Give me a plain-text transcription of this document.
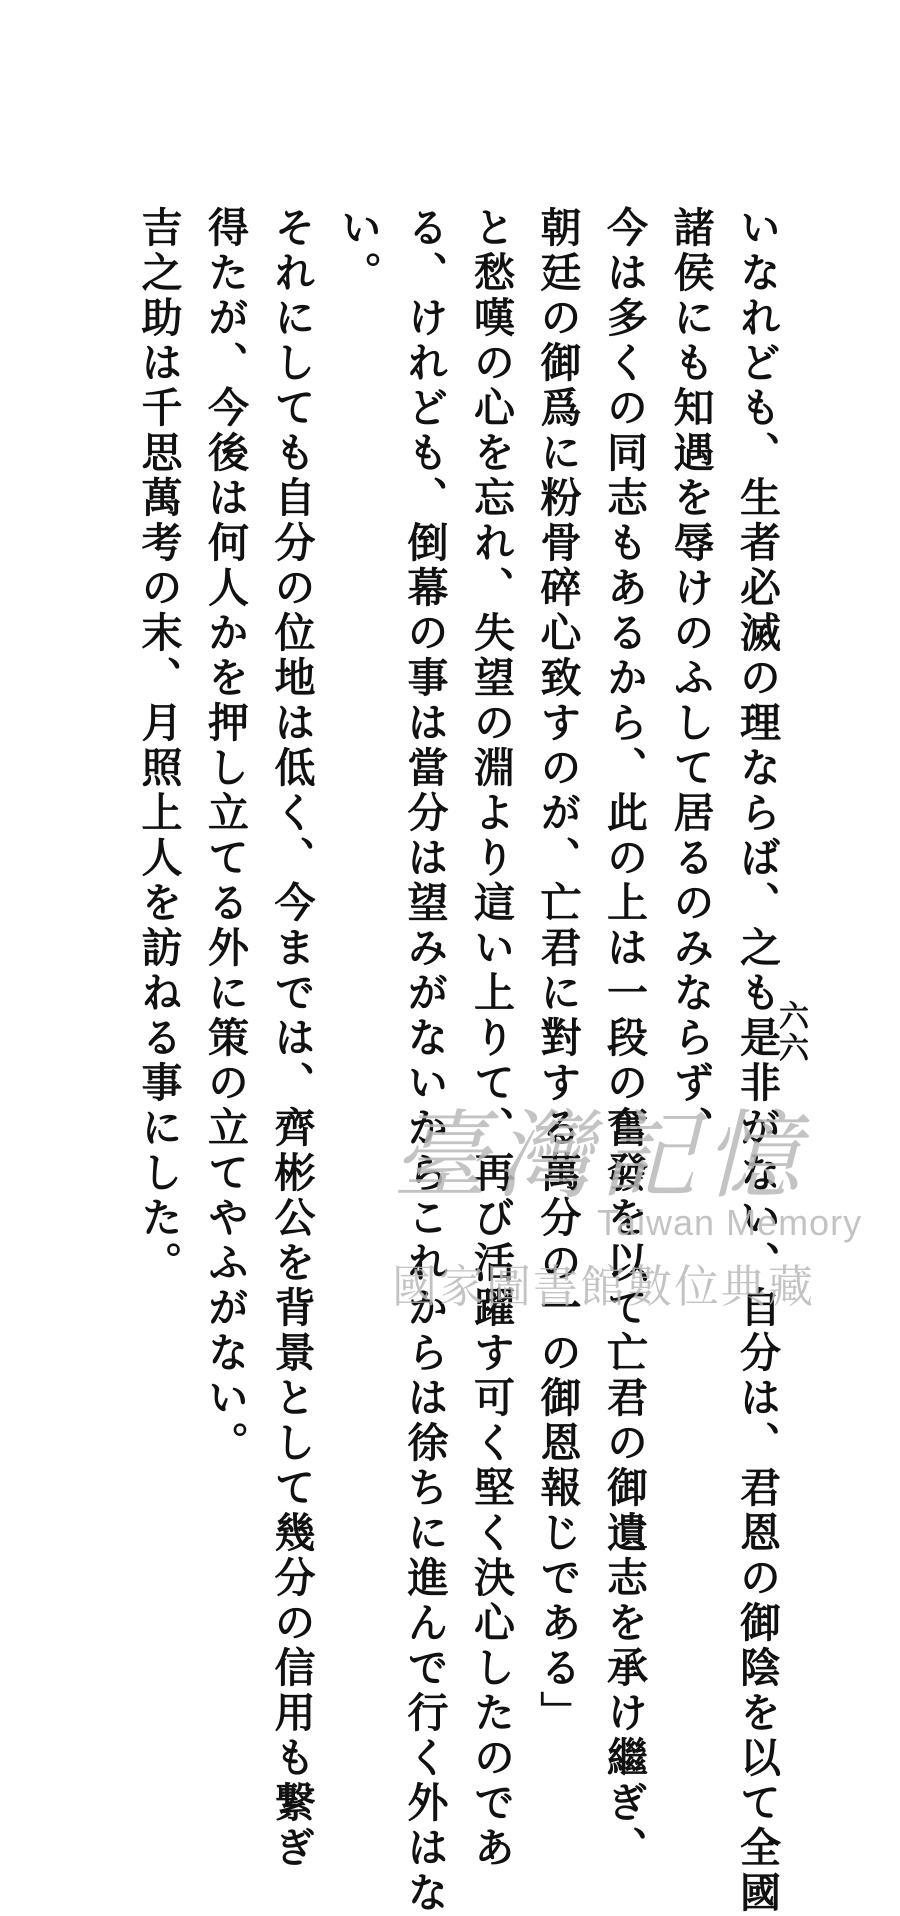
六六
いなれども、生者必滅の理ならば、之も是非がない、自分は、君恩の御陰を以て全國
諸侯にも知遇を辱けのふして居るのみならず、
今は多くの同志もあるから、此の上は一段の奮發を以て亡君の御遺志を承け繼ぎ、
朝廷の御爲に粉骨碎心致すのが、亡君に對する萬分の一の御恩報じである」
と愁嘆の心を忘れ、失望の淵より這い上りて、再び活躍す可く堅く決心したのであ
る、けれども、倒幕の事は當分は望みがないからこれからは徐ちに進んで行く外はな
い。
それにしても自分の位地は低く、今までは、齊彬公を背景として幾分の信用も繋ぎ
得たが、今後は何人かを押し立てる外に策の立てやふがない。
吉之助は千思萬考の末、月照上人を訪ねる事にした。 臺灣記憶
Taiwan Memory
國家圖書館數位典藏
